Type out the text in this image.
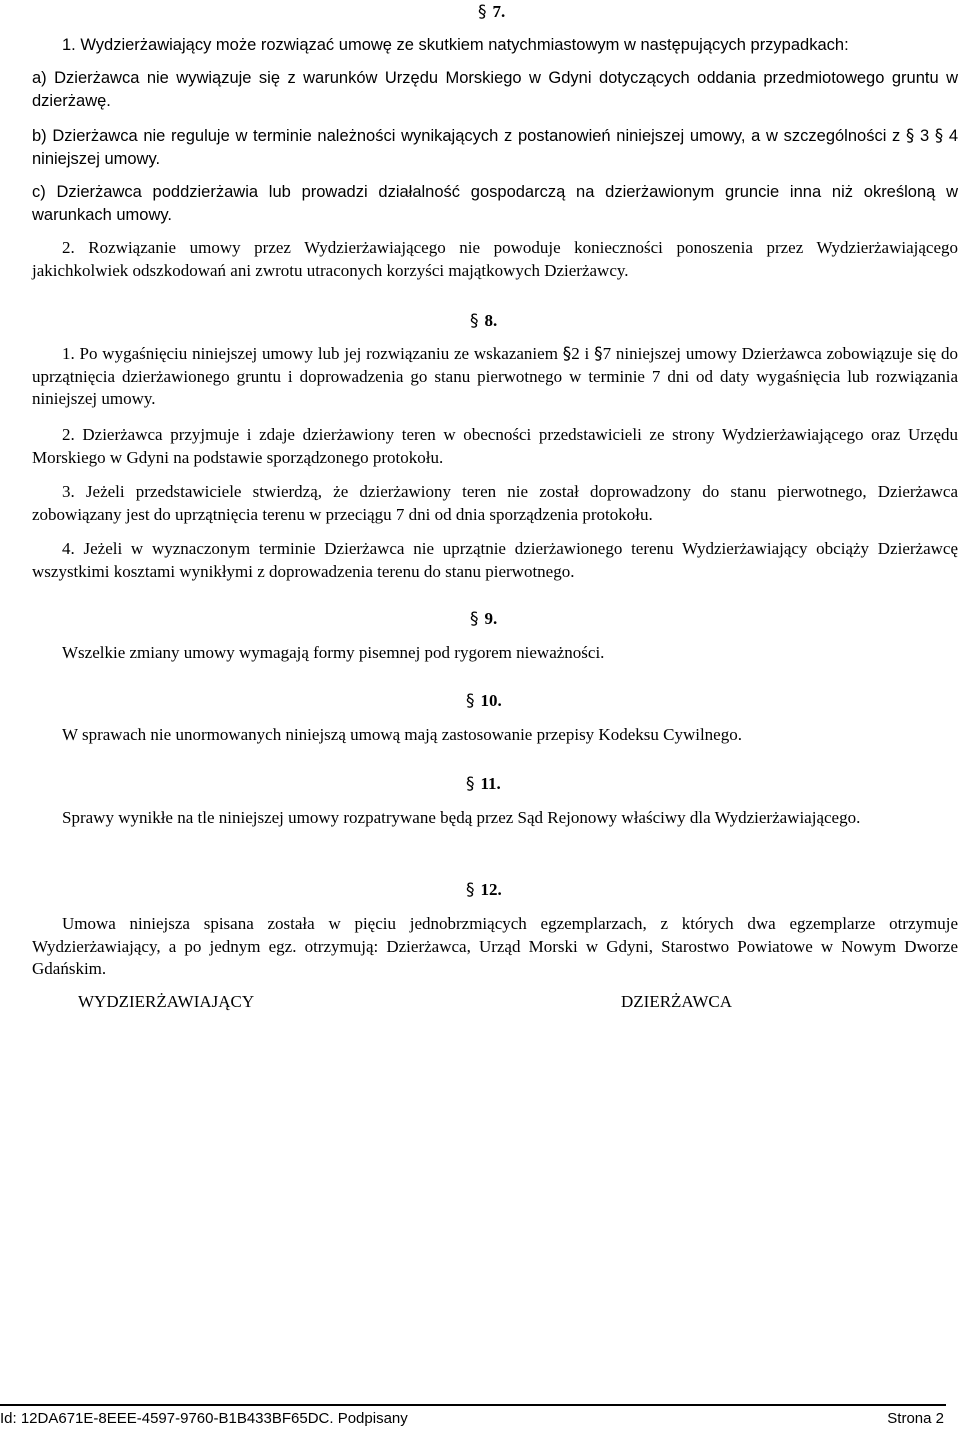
§ 7.

1. Wydzierżawiający może rozwiązać umowę ze skutkiem natychmiastowym w następujących przypadkach:

a) Dzierżawca nie wywiązuje się z warunków Urzędu Morskiego w Gdyni dotyczących oddania przedmiotowego gruntu w dzierżawę.

b) Dzierżawca nie reguluje w terminie należności wynikających z postanowień niniejszej umowy, a w szczególności z § 3 § 4 niniejszej umowy.

c) Dzierżawca poddzierżawia lub prowadzi działalność gospodarczą na dzierżawionym gruncie inna niż określoną w warunkach umowy.

2. Rozwiązanie umowy przez Wydzierżawiającego nie powoduje konieczności ponoszenia przez Wydzierżawiającego jakichkolwiek odszkodowań ani zwrotu utraconych korzyści majątkowych Dzierżawcy.

§ 8.

1. Po wygaśnięciu niniejszej umowy lub jej rozwiązaniu ze wskazaniem §2 i §7 niniejszej umowy Dzierżawca zobowiązuje się do uprzątnięcia dzierżawionego gruntu i doprowadzenia go stanu pierwotnego w terminie 7 dni od daty wygaśnięcia lub rozwiązania niniejszej umowy.

2. Dzierżawca przyjmuje i zdaje dzierżawiony teren w obecności przedstawicieli ze strony Wydzierżawiającego oraz Urzędu Morskiego w Gdyni na podstawie sporządzonego protokołu.

3. Jeżeli przedstawiciele stwierdzą, że dzierżawiony teren nie został doprowadzony do stanu pierwotnego, Dzierżawca zobowiązany jest do uprzątnięcia terenu w przeciągu 7 dni od dnia sporządzenia protokołu.

4. Jeżeli w wyznaczonym terminie Dzierżawca nie uprzątnie dzierżawionego terenu Wydzierżawiający obciąży Dzierżawcę wszystkimi kosztami wynikłymi z doprowadzenia terenu do stanu pierwotnego.

§ 9.

Wszelkie zmiany umowy wymagają formy pisemnej pod rygorem nieważności.

§ 10.

W sprawach nie unormowanych niniejszą umową mają zastosowanie przepisy Kodeksu Cywilnego.

§ 11.

Sprawy wynikłe na tle niniejszej umowy rozpatrywane będą przez Sąd Rejonowy właściwy dla Wydzierżawiającego.

§ 12.

Umowa niniejsza spisana została w pięciu jednobrzmiących egzemplarzach, z których dwa egzemplarze otrzymuje Wydzierżawiający, a po jednym egz. otrzymują: Dzierżawca, Urząd Morski w Gdyni, Starostwo Powiatowe w Nowym Dworze Gdańskim.

WYDZIERŻAWIAJĄCY	DZIERŻAWCA
Id: 12DA671E-8EEE-4597-9760-B1B433BF65DC. Podpisany	Strona 2
